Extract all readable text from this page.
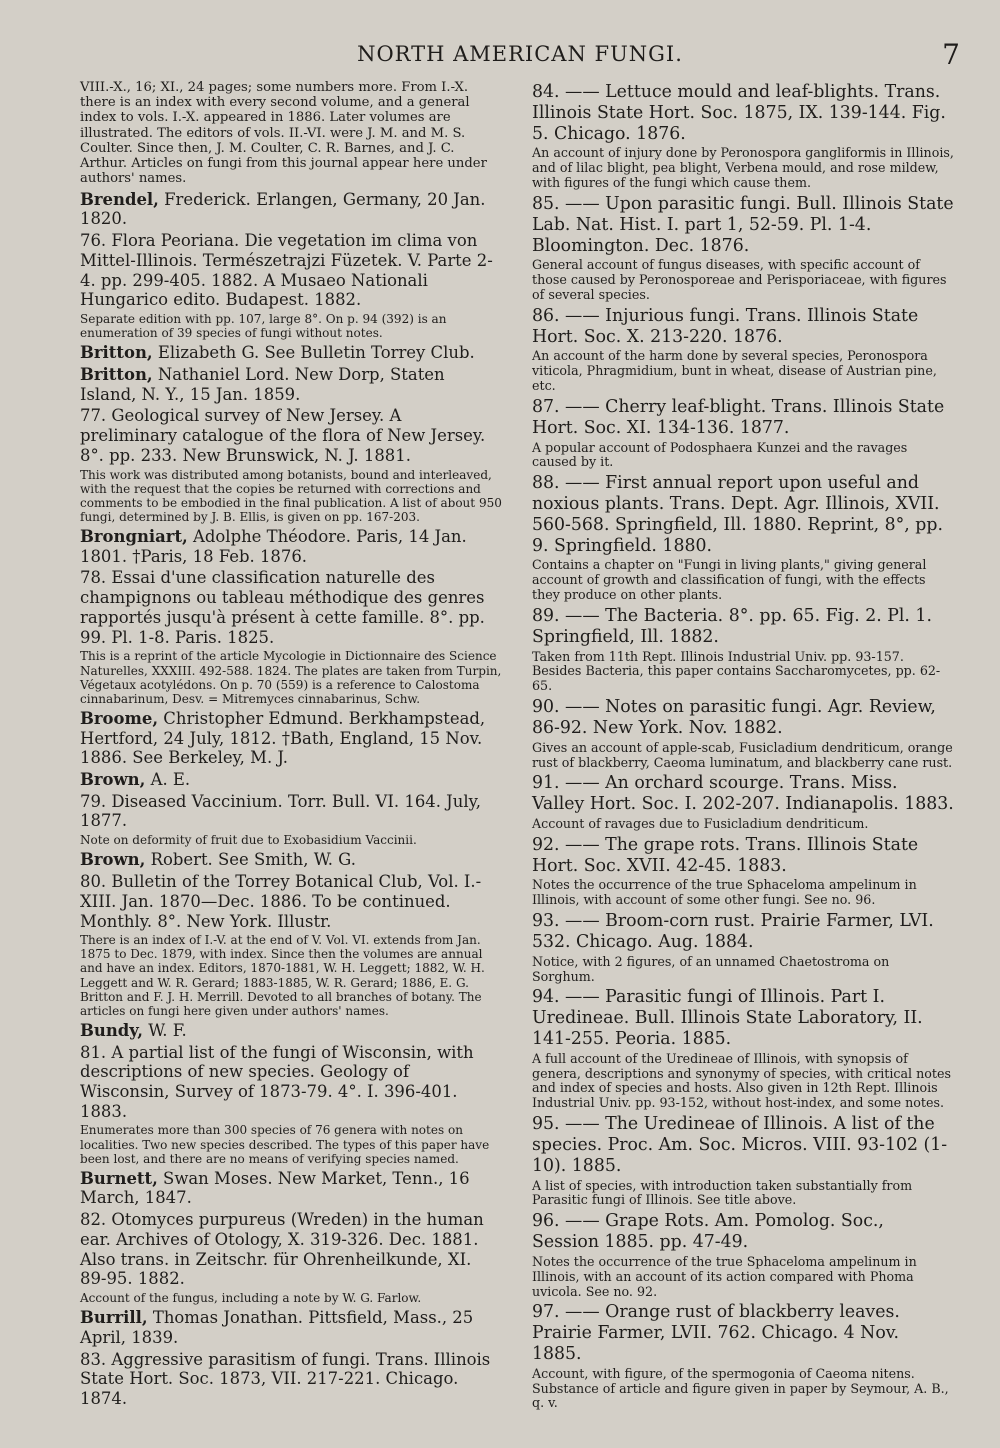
NORTH AMERICAN FUNGI.	7

VIII.-X., 16; XI., 24 pages; some numbers more. From I.-X. there is an index with every second volume, and a general index to vols. I.-X. appeared in 1886. Later volumes are illustrated. The editors of vols. II.-VI. were J. M. and M. S. Coulter. Since then, J. M. Coulter, C. R. Barnes, and J. C. Arthur. Articles on fungi from this journal appear here under authors' names.

Brendel, Frederick. Erlangen, Germany, 20 Jan. 1820.

76. Flora Peoriana. Die vegetation im clima von Mittel-Illinois. Természetrajzi Füzetek. V. Parte 2-4. pp. 299-405. 1882. A Musaeo Nationali Hungarico edito. Budapest. 1882.

Separate edition with pp. 107, large 8°. On p. 94 (392) is an enumeration of 39 species of fungi without notes.

Britton, Elizabeth G. See Bulletin Torrey Club.

Britton, Nathaniel Lord. New Dorp, Staten Island, N. Y., 15 Jan. 1859.

77. Geological survey of New Jersey. A preliminary catalogue of the flora of New Jersey. 8°. pp. 233. New Brunswick, N. J. 1881.

This work was distributed among botanists, bound and interleaved, with the request that the copies be returned with corrections and comments to be embodied in the final publication. A list of about 950 fungi, determined by J. B. Ellis, is given on pp. 167-203.

Brongniart, Adolphe Théodore. Paris, 14 Jan. 1801. †Paris, 18 Feb. 1876.

78. Essai d'une classification naturelle des champignons ou tableau méthodique des genres rapportés jusqu'à présent à cette famille. 8°. pp. 99. Pl. 1-8. Paris. 1825.

This is a reprint of the article Mycologie in Dictionnaire des Science Naturelles, XXXIII. 492-588. 1824. The plates are taken from Turpin, Végetaux acotylédons. On p. 70 (559) is a reference to Calostoma cinnabarinum, Desv. = Mitremyces cinnabarinus, Schw.

Broome, Christopher Edmund. Berkhampstead, Hertford, 24 July, 1812. †Bath, England, 15 Nov. 1886. See Berkeley, M. J.

Brown, A. E.

79. Diseased Vaccinium. Torr. Bull. VI. 164. July, 1877.

Note on deformity of fruit due to Exobasidium Vaccinii.

Brown, Robert. See Smith, W. G.

80. Bulletin of the Torrey Botanical Club, Vol. I.-XIII. Jan. 1870—Dec. 1886. To be continued. Monthly. 8°. New York. Illustr.

There is an index of I.-V. at the end of V. Vol. VI. extends from Jan. 1875 to Dec. 1879, with index. Since then the volumes are annual and have an index. Editors, 1870-1881, W. H. Leggett; 1882, W. H. Leggett and W. R. Gerard; 1883-1885, W. R. Gerard; 1886, E. G. Britton and F. J. H. Merrill. Devoted to all branches of botany. The articles on fungi here given under authors' names.

Bundy, W. F.

81. A partial list of the fungi of Wisconsin, with descriptions of new species. Geology of Wisconsin, Survey of 1873-79. 4°. I. 396-401. 1883.

Enumerates more than 300 species of 76 genera with notes on localities. Two new species described. The types of this paper have been lost, and there are no means of verifying species named.

Burnett, Swan Moses. New Market, Tenn., 16 March, 1847.

82. Otomyces purpureus (Wreden) in the human ear. Archives of Otology, X. 319-326. Dec. 1881. Also trans. in Zeitschr. für Ohrenheilkunde, XI. 89-95. 1882.

Account of the fungus, including a note by W. G. Farlow.

Burrill, Thomas Jonathan. Pittsfield, Mass., 25 April, 1839.

83. Aggressive parasitism of fungi. Trans. Illinois State Hort. Soc. 1873, VII. 217-221. Chicago. 1874.

84. —— Lettuce mould and leaf-blights. Trans. Illinois State Hort. Soc. 1875, IX. 139-144. Fig. 5. Chicago. 1876.

An account of injury done by Peronospora gangliformis in Illinois, and of lilac blight, pea blight, Verbena mould, and rose mildew, with figures of the fungi which cause them.

85. —— Upon parasitic fungi. Bull. Illinois State Lab. Nat. Hist. I. part 1, 52-59. Pl. 1-4. Bloomington. Dec. 1876.

General account of fungus diseases, with specific account of those caused by Peronosporeae and Perisporiaceae, with figures of several species.

86. —— Injurious fungi. Trans. Illinois State Hort. Soc. X. 213-220. 1876.

An account of the harm done by several species, Peronospora viticola, Phragmidium, bunt in wheat, disease of Austrian pine, etc.

87. —— Cherry leaf-blight. Trans. Illinois State Hort. Soc. XI. 134-136. 1877.

A popular account of Podosphaera Kunzei and the ravages caused by it.

88. —— First annual report upon useful and noxious plants. Trans. Dept. Agr. Illinois, XVII. 560-568. Springfield, Ill. 1880. Reprint, 8°, pp. 9. Springfield. 1880.

Contains a chapter on "Fungi in living plants," giving general account of growth and classification of fungi, with the effects they produce on other plants.

89. —— The Bacteria. 8°. pp. 65. Fig. 2. Pl. 1. Springfield, Ill. 1882.

Taken from 11th Rept. Illinois Industrial Univ. pp. 93-157. Besides Bacteria, this paper contains Saccharomycetes, pp. 62-65.

90. —— Notes on parasitic fungi. Agr. Review, 86-92. New York. Nov. 1882.

Gives an account of apple-scab, Fusicladium dendriticum, orange rust of blackberry, Caeoma luminatum, and blackberry cane rust.

91. —— An orchard scourge. Trans. Miss. Valley Hort. Soc. I. 202-207. Indianapolis. 1883.

Account of ravages due to Fusicladium dendriticum.

92. —— The grape rots. Trans. Illinois State Hort. Soc. XVII. 42-45. 1883.

Notes the occurrence of the true Sphaceloma ampelinum in Illinois, with account of some other fungi. See no. 96.

93. —— Broom-corn rust. Prairie Farmer, LVI. 532. Chicago. Aug. 1884.

Notice, with 2 figures, of an unnamed Chaetostroma on Sorghum.

94. —— Parasitic fungi of Illinois. Part I. Uredineae. Bull. Illinois State Laboratory, II. 141-255. Peoria. 1885.

A full account of the Uredineae of Illinois, with synopsis of genera, descriptions and synonymy of species, with critical notes and index of species and hosts. Also given in 12th Rept. Illinois Industrial Univ. pp. 93-152, without host-index, and some notes.

95. —— The Uredineae of Illinois. A list of the species. Proc. Am. Soc. Micros. VIII. 93-102 (1-10). 1885.

A list of species, with introduction taken substantially from Parasitic fungi of Illinois. See title above.

96. —— Grape Rots. Am. Pomolog. Soc., Session 1885. pp. 47-49.

Notes the occurrence of the true Sphaceloma ampelinum in Illinois, with an account of its action compared with Phoma uvicola. See no. 92.

97. —— Orange rust of blackberry leaves. Prairie Farmer, LVII. 762. Chicago. 4 Nov. 1885.

Account, with figure, of the spermogonia of Caeoma nitens. Substance of article and figure given in paper by Seymour, A. B., q. v.
